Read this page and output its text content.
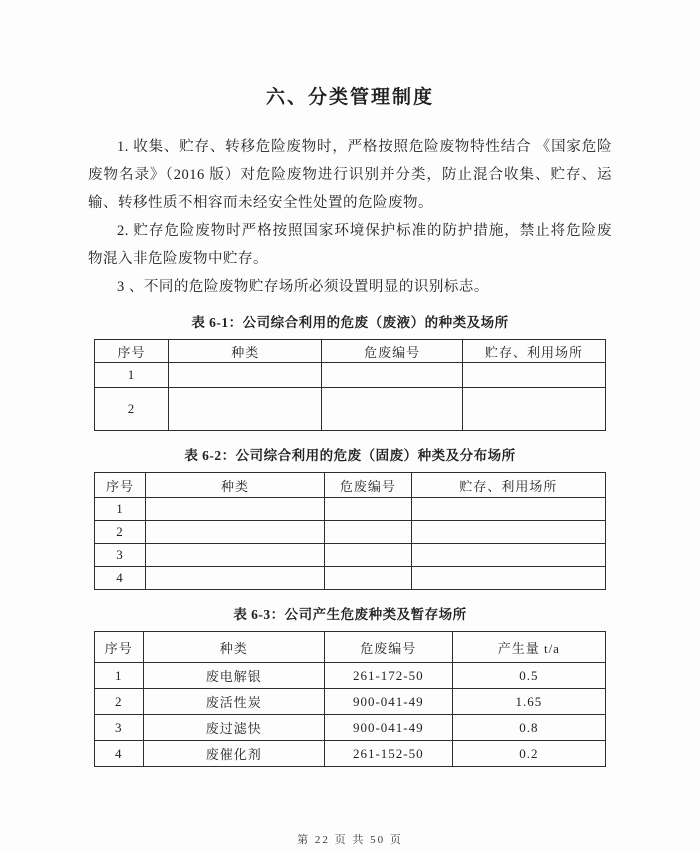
六、分类管理制度

1. 收集、贮存、转移危险废物时，严格按照危险废物特性结合 《国家危险废物名录》（2016 版）对危险废物进行识别并分类，防止混合收集、贮存、运输、转移性质不相容而未经安全性处置的危险废物。

2. 贮存危险废物时严格按照国家环境保护标准的防护措施，禁止将危险废物混入非危险废物中贮存。

3 、不同的危险废物贮存场所必须设置明显的识别标志。

表 6-1：公司综合利用的危废（废液）的种类及场所
序号	种类	危废编号	贮存、利用场所
1			
2			
表 6-2：公司综合利用的危废（固废）种类及分布场所
序号	种类	危废编号	贮存、利用场所
1			
2			
3			
4			
表 6-3：公司产生危废种类及暂存场所
序号	种类	危废编号	产生量 t/a
1	废电解银	261-172-50	0.5
2	废活性炭	900-041-49	1.65
3	废过滤快	900-041-49	0.8
4	废催化剂	261-152-50	0.2
第 22 页 共 50 页
